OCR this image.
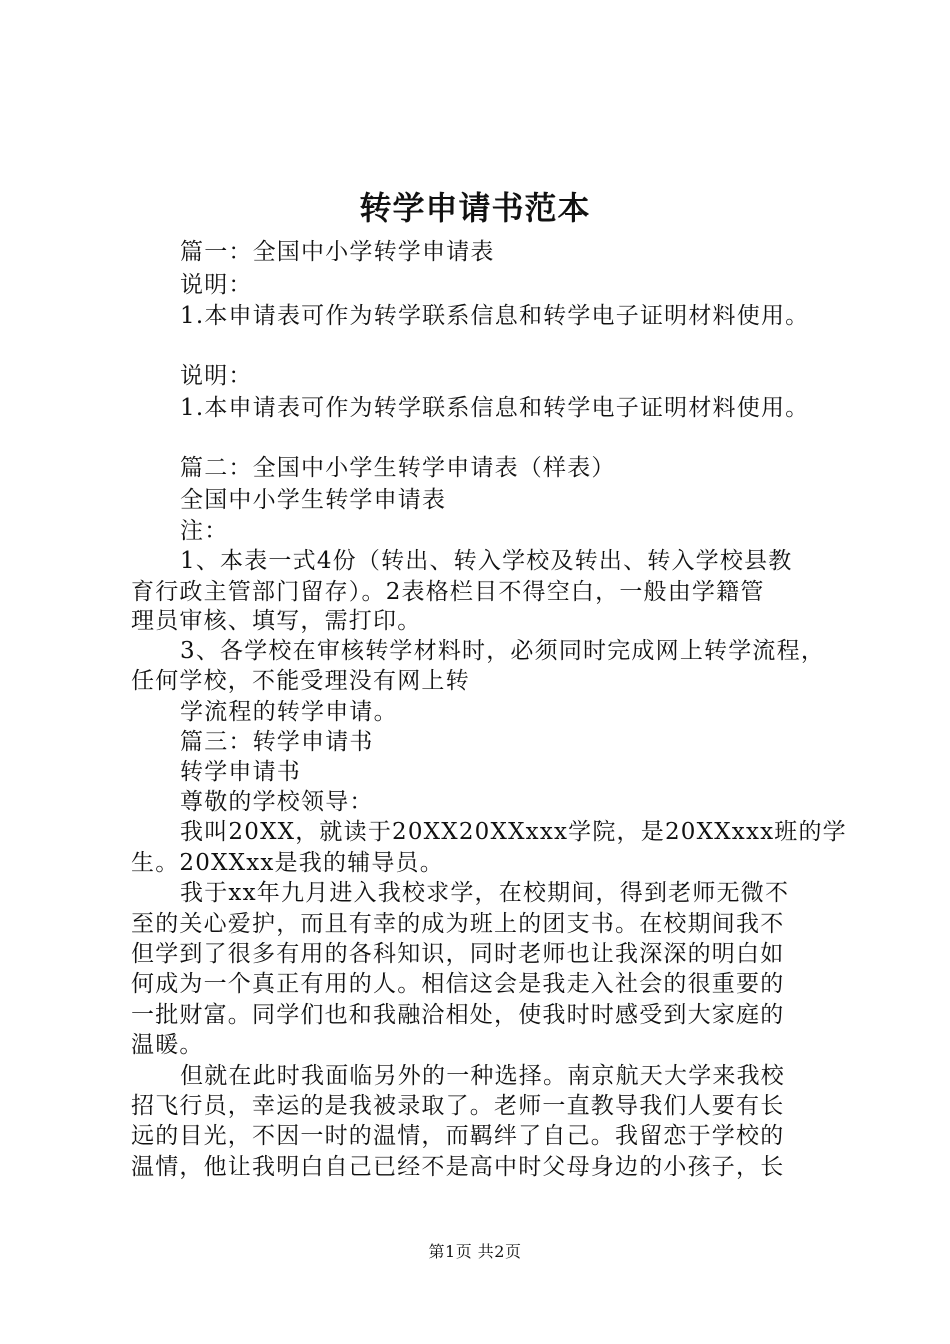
转学申请书范本

篇一：全国中小学转学申请表

说明：

1.本申请表可作为转学联系信息和转学电子证明材料使用。

说明：

1.本申请表可作为转学联系信息和转学电子证明材料使用。

篇二：全国中小学生转学申请表（样表）

全国中小学生转学申请表

注：

1、本表一式4份（转出、转入学校及转出、转入学校县教

育行政主管部门留存）。2表格栏目不得空白，一般由学籍管

理员审核、填写，需打印。

3、各学校在审核转学材料时，必须同时完成网上转学流程，

任何学校，不能受理没有网上转

学流程的转学申请。

篇三：转学申请书

转学申请书

尊敬的学校领导：

我叫20XX，就读于20XX20XXxxx学院，是20XXxxx班的学

生。20XXxx是我的辅导员。

我于xx年九月进入我校求学，在校期间，得到老师无微不

至的关心爱护，而且有幸的成为班上的团支书。在校期间我不

但学到了很多有用的各科知识，同时老师也让我深深的明白如

何成为一个真正有用的人。相信这会是我走入社会的很重要的

一批财富。同学们也和我融洽相处，使我时时感受到大家庭的

温暖。

但就在此时我面临另外的一种选择。南京航天大学来我校

招飞行员，幸运的是我被录取了。老师一直教导我们人要有长

远的目光，不因一时的温情，而羁绊了自己。我留恋于学校的

温情，他让我明白自己已经不是高中时父母身边的小孩子，长

第1页 共2页
